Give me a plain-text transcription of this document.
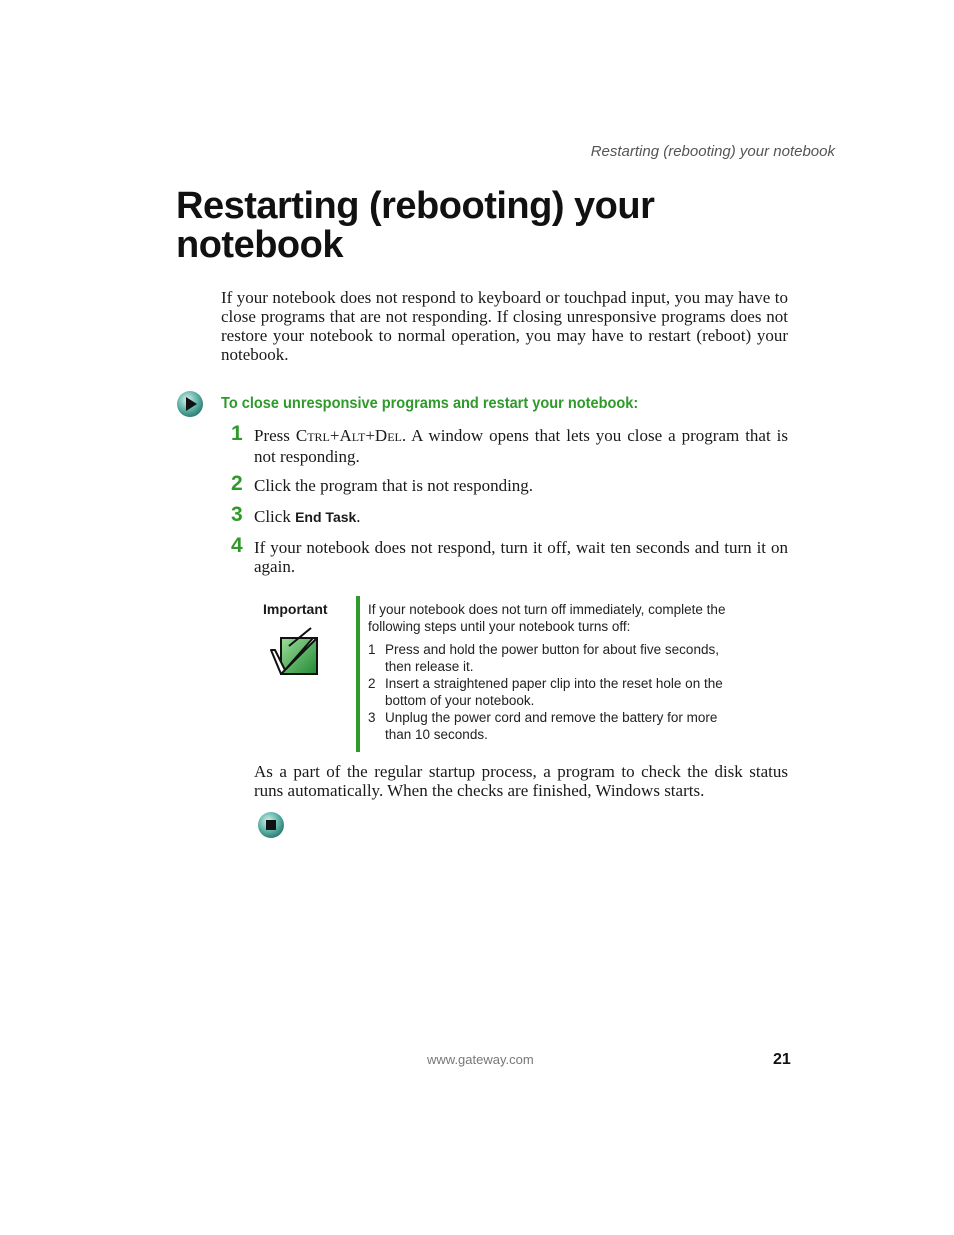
Restarting (rebooting) your notebook
Restarting (rebooting) your notebook

If your notebook does not respond to keyboard or touchpad input, you may have to close programs that are not responding. If closing unresponsive programs does not restore your notebook to normal operation, you may have to restart (reboot) your notebook.

To close unresponsive programs and restart your notebook:
1 Press CTRL+ALT+DEL. A window opens that lets you close a program that is not responding.

2 Click the program that is not responding.

3 Click End Task.

4 If your notebook does not respond, turn it off, wait ten seconds and turn it on again.

Important	If your notebook does not turn off immediately, complete the following steps until your notebook turns off:

1 Press and hold the power button for about five seconds, then release it.
2 Insert a straightened paper clip into the reset hole on the bottom of your notebook.
3 Unplug the power cord and remove the battery for more than 10 seconds.

As a part of the regular startup process, a program to check the disk status runs automatically. When the checks are finished, Windows starts.

www.gateway.com	21
